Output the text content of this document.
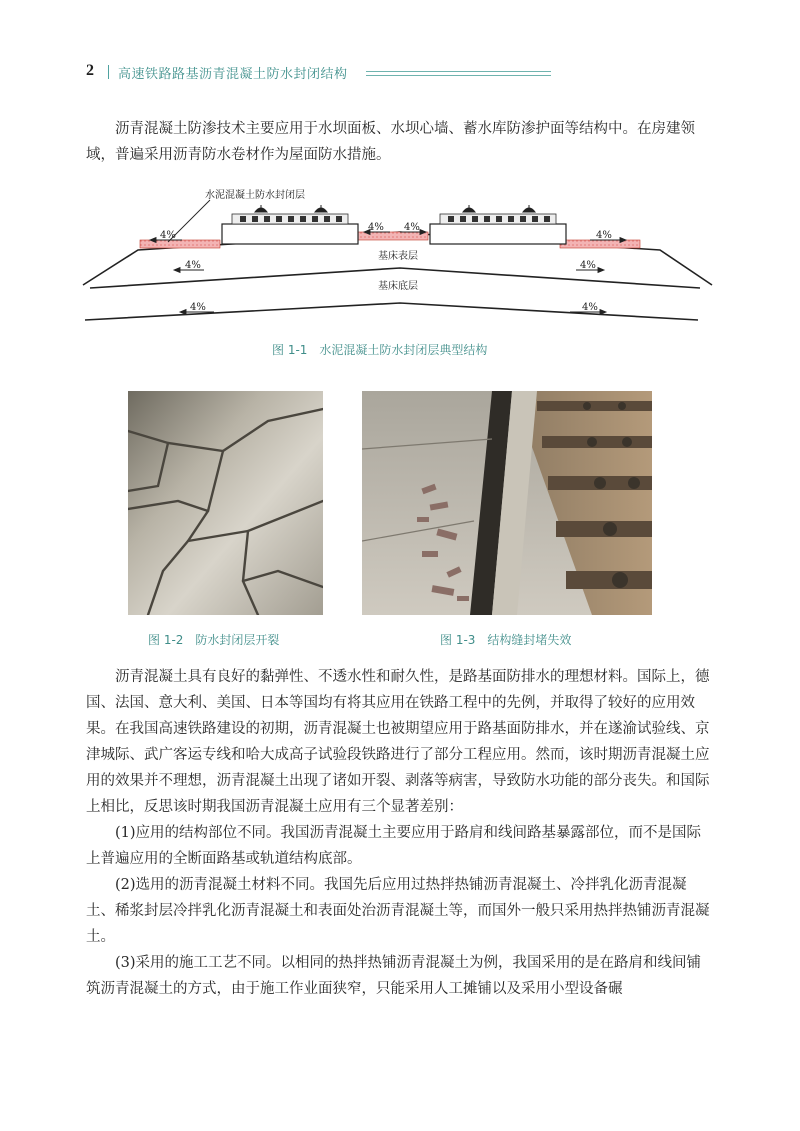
2 高速铁路路基沥青混凝土防水封闭结构

沥青混凝土防渗技术主要应用于水坝面板、水坝心墙、蓄水库防渗护面等结构中。在房建领域，普遍采用沥青防水卷材作为屋面防水措施。

水泥混凝土防水封闭层
4%
4% 4%
4%
4%	4%
4%	4%
基床表层
基床底层
图 1-1　水泥混凝土防水封闭层典型结构
图 1-2　防水封闭层开裂	图 1-3　结构缝封堵失效

沥青混凝土具有良好的黏弹性、不透水性和耐久性，是路基面防排水的理想材料。国际上，德国、法国、意大利、美国、日本等国均有将其应用在铁路工程中的先例，并取得了较好的应用效果。在我国高速铁路建设的初期，沥青混凝土也被期望应用于路基面防排水，并在遂渝试验线、京津城际、武广客运专线和哈大成高子试验段铁路进行了部分工程应用。然而，该时期沥青混凝土应用的效果并不理想，沥青混凝土出现了诸如开裂、剥落等病害，导致防水功能的部分丧失。和国际上相比，反思该时期我国沥青混凝土应用有三个显著差别：

(1)应用的结构部位不同。我国沥青混凝土主要应用于路肩和线间路基暴露部位，而不是国际上普遍应用的全断面路基或轨道结构底部。

(2)选用的沥青混凝土材料不同。我国先后应用过热拌热铺沥青混凝土、冷拌乳化沥青混凝土、稀浆封层冷拌乳化沥青混凝土和表面处治沥青混凝土等，而国外一般只采用热拌热铺沥青混凝土。

(3)采用的施工工艺不同。以相同的热拌热铺沥青混凝土为例，我国采用的是在路肩和线间铺筑沥青混凝土的方式，由于施工作业面狭窄，只能采用人工摊铺以及采用小型设备碾
